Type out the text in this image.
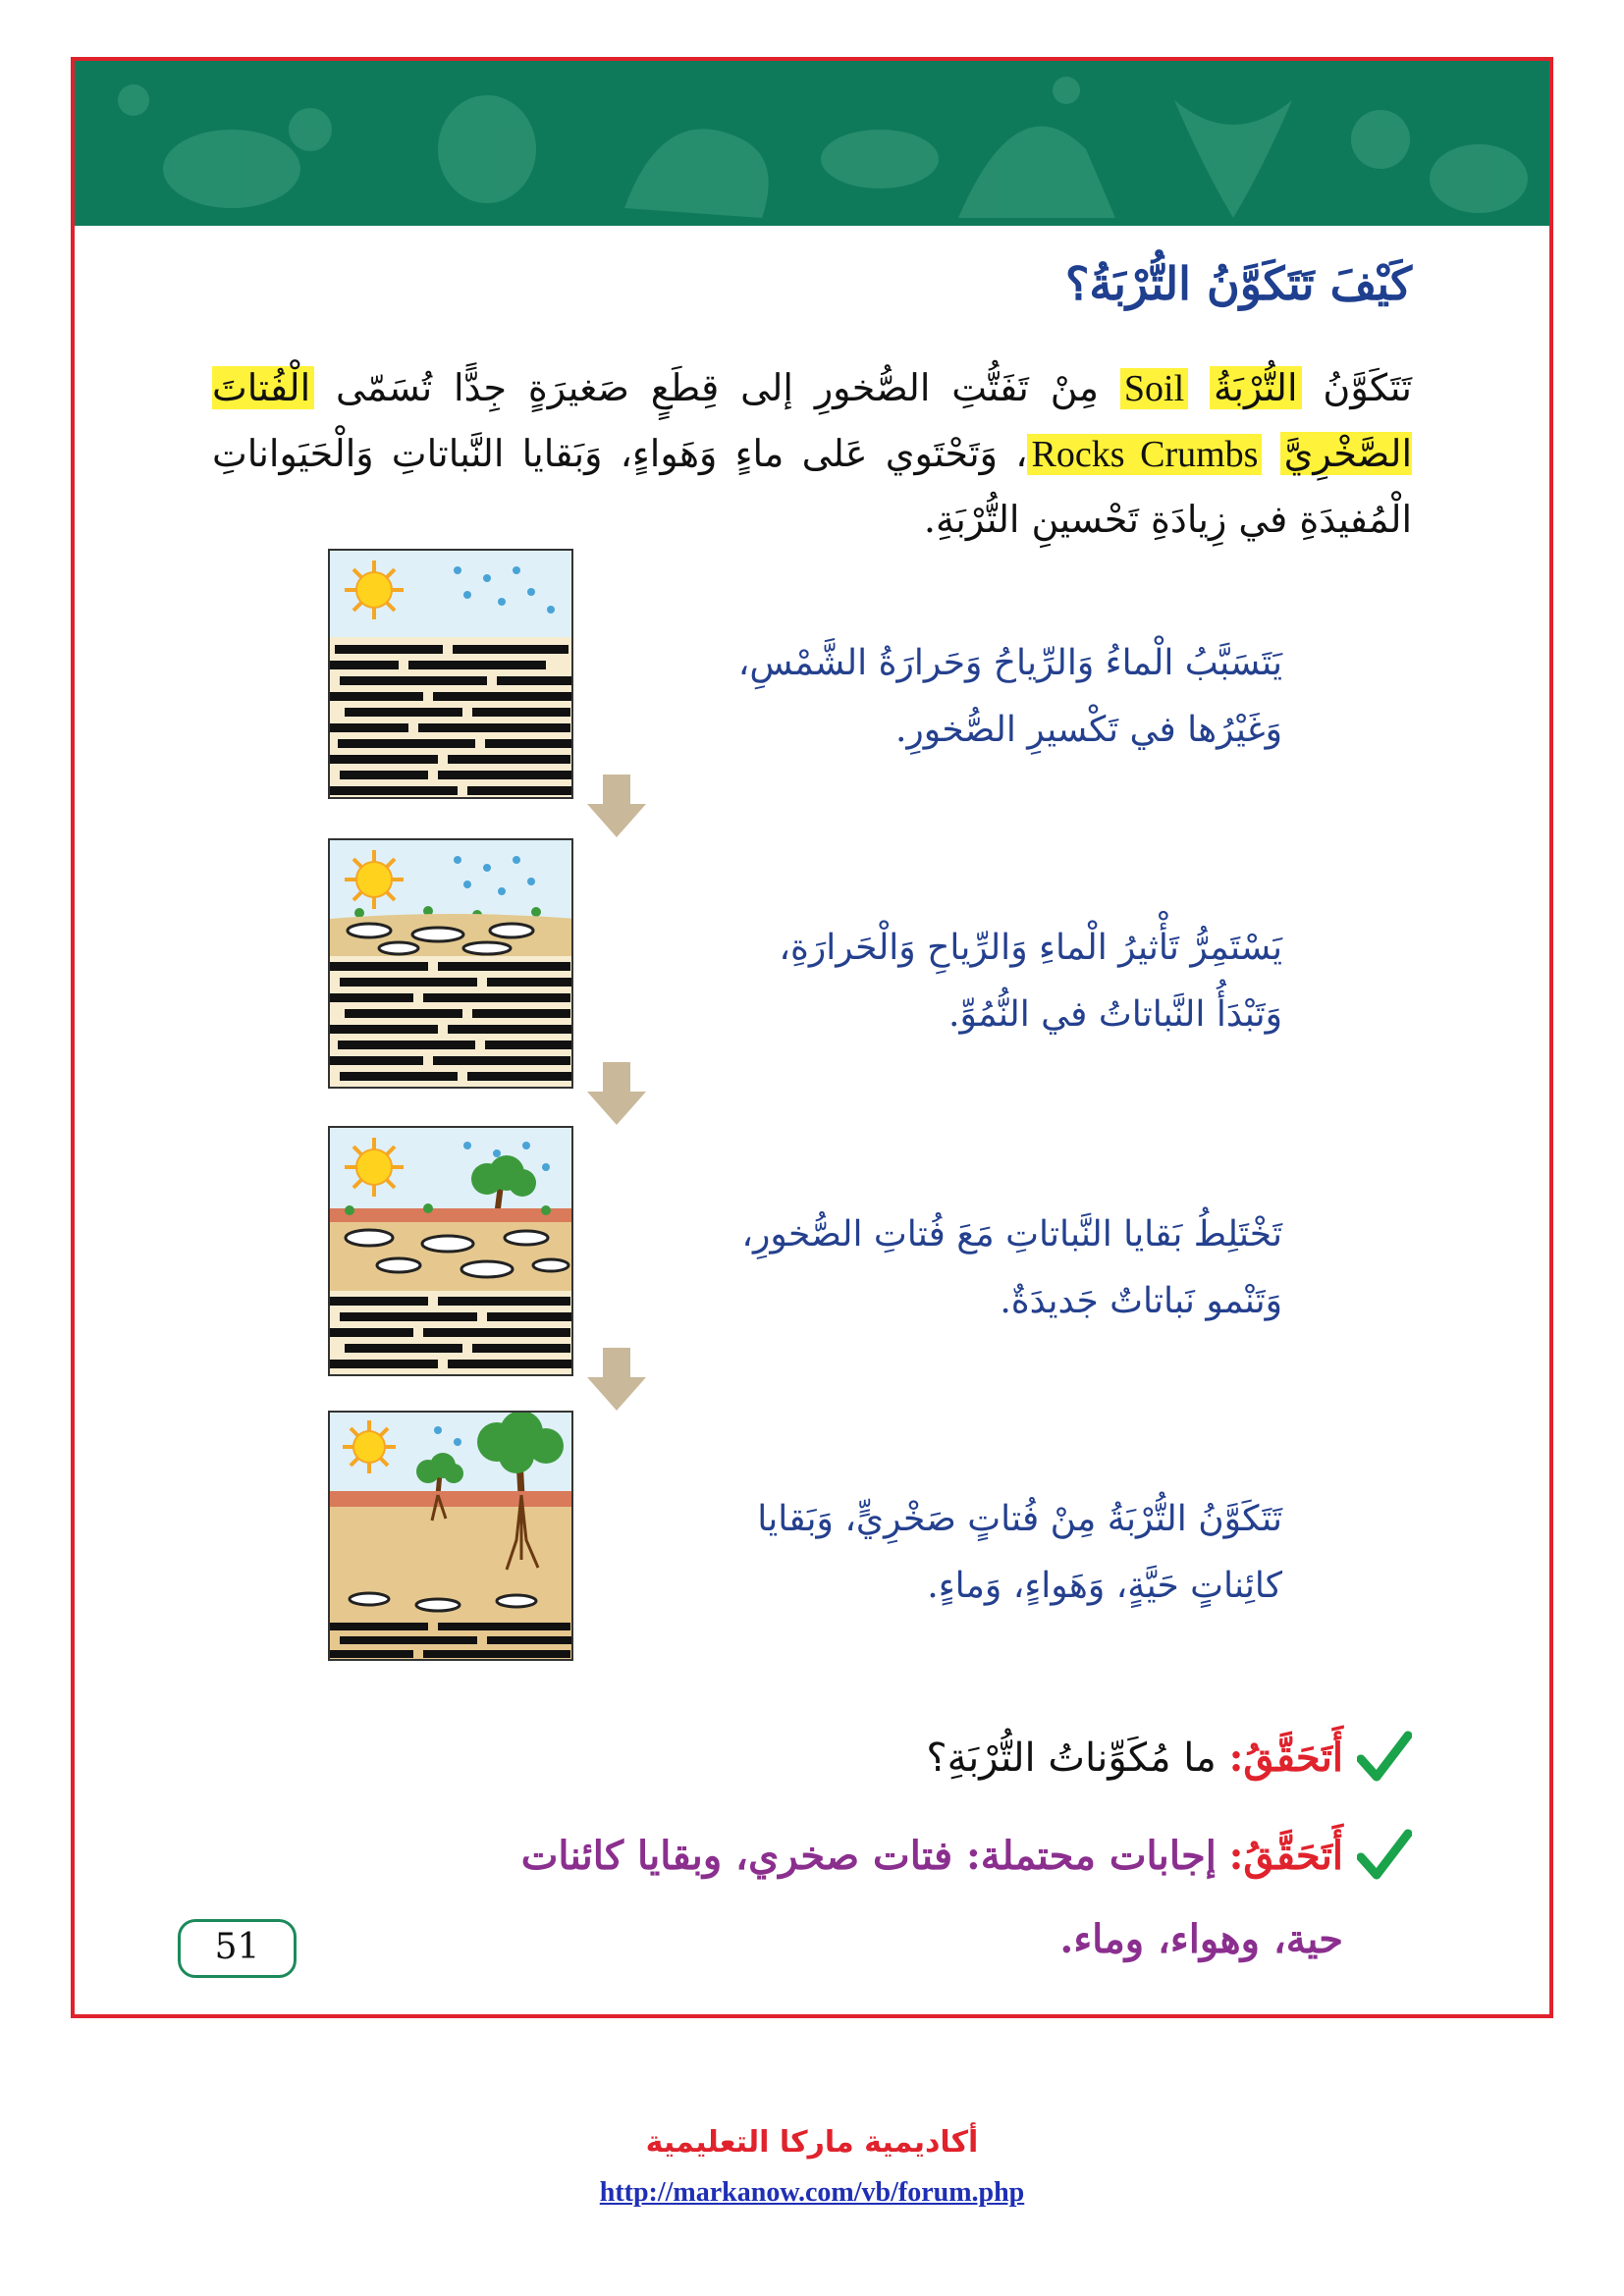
كَيْفَ تَتَكَوَّنُ التُّرْبَةُ؟
تَتَكَوَّنُ التُّرْبَةُ Soil مِنْ تَفَتُّتِ الصُّخورِ إلى قِطَعٍ صَغيرَةٍ جِدًّا تُسَمّى الْفُتاتَ الصَّخْرِيَّ Rocks Crumbs، وَتَحْتَوي عَلى ماءٍ وَهَواءٍ، وَبَقايا النَّباتاتِ وَالْحَيَواناتِ الْمُفيدَةِ في زِيادَةِ تَحْسينِ التُّرْبَةِ.
يَتَسَبَّبُ الْماءُ وَالرِّياحُ وَحَرارَةُ الشَّمْسِ، وَغَيْرُها في تَكْسيرِ الصُّخورِ.
يَسْتَمِرُّ تَأْثيرُ الْماءِ وَالرِّياحِ وَالْحَرارَةِ، وَتَبْدَأُ النَّباتاتُ في النُّمُوِّ.
تَخْتَلِطُ بَقايا النَّباتاتِ مَعَ فُتاتِ الصُّخورِ، وَتَنْمو نَباتاتٌ جَديدَةٌ.
تَتَكَوَّنُ التُّرْبَةُ مِنْ فُتاتٍ صَخْرِيٍّ، وَبَقايا كائِناتٍ حَيَّةٍ، وَهَواءٍ، وَماءٍ.
أَتَحَقَّقُ: ما مُكَوِّناتُ التُّرْبَةِ؟
أَتَحَقَّقُ: إجابات محتملة: فتات صخري، وبقايا كائنات
حية، وهواء، وماء.
51
أكاديمية ماركا التعليمية
http://markanow.com/vb/forum.php
